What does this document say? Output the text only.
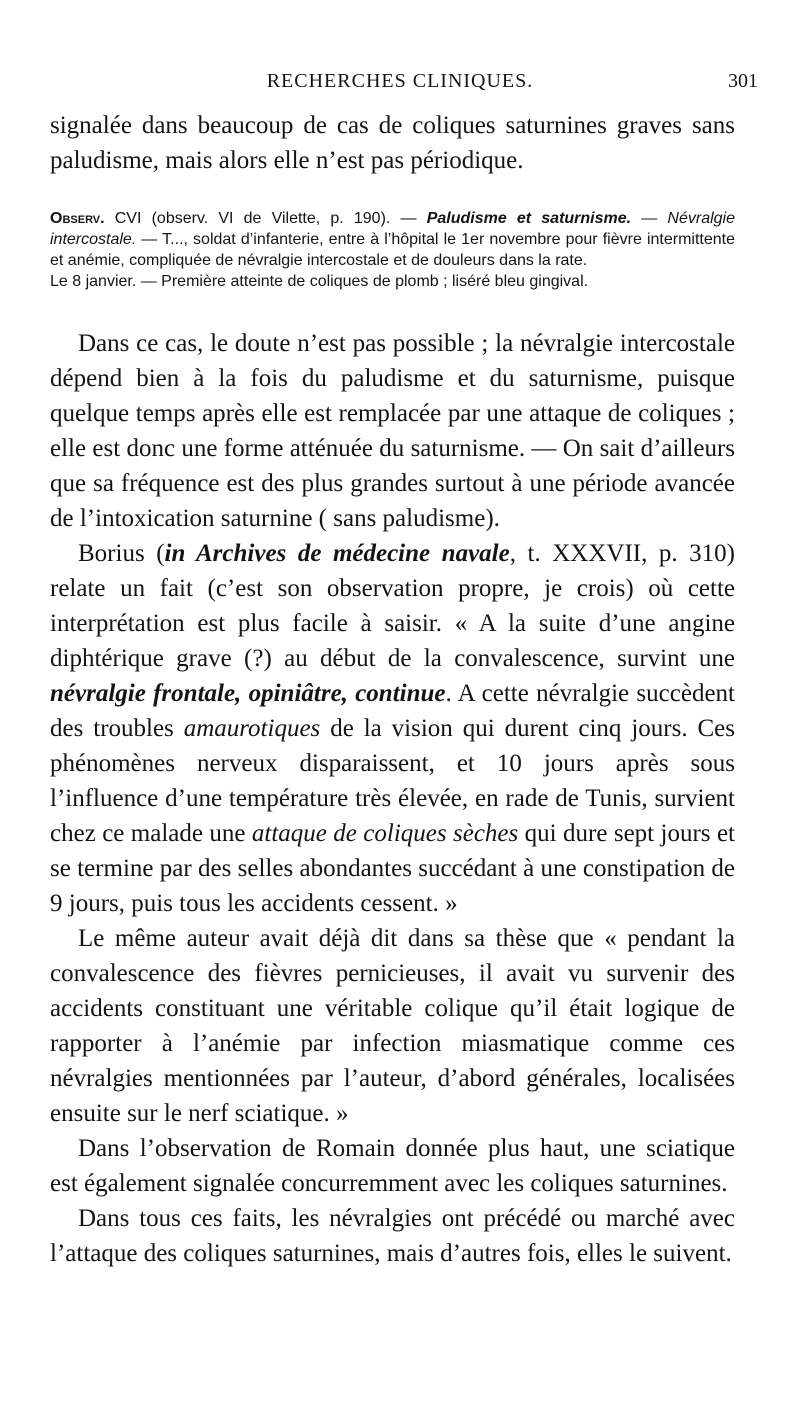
RECHERCHES CLINIQUES.	301

signalée dans beaucoup de cas de coliques saturnines graves sans paludisme, mais alors elle n’est pas périodique.

Observ. CVI (observ. VI de Vilette, p. 190). — Paludisme et saturnisme. — Névralgie intercostale. — T..., soldat d’infanterie, entre à l’hôpital le 1er novembre pour fièvre intermittente et anémie, compliquée de névralgie intercostale et de douleurs dans la rate.

Le 8 janvier. — Première atteinte de coliques de plomb ; liséré bleu gingival.

Dans ce cas, le doute n’est pas possible ; la névralgie intercostale dépend bien à la fois du paludisme et du saturnisme, puisque quelque temps après elle est remplacée par une attaque de coliques ; elle est donc une forme atténuée du saturnisme. — On sait d’ailleurs que sa fréquence est des plus grandes surtout à une période avancée de l’intoxication saturnine ( sans paludisme).

Borius (in Archives de médecine navale, t. XXXVII, p. 310) relate un fait (c’est son observation propre, je crois) où cette interprétation est plus facile à saisir. « A la suite d’une angine diphtérique grave (?) au début de la convalescence, survint une névralgie frontale, opiniâtre, continue. A cette névralgie succèdent des troubles amaurotiques de la vision qui durent cinq jours. Ces phénomènes nerveux disparaissent, et 10 jours après sous l’influence d’une température très élevée, en rade de Tunis, survient chez ce malade une attaque de coliques sèches qui dure sept jours et se termine par des selles abondantes succédant à une constipation de 9 jours, puis tous les accidents cessent. »

Le même auteur avait déjà dit dans sa thèse que « pendant la convalescence des fièvres pernicieuses, il avait vu survenir des accidents constituant une véritable colique qu’il était logique de rapporter à l’anémie par infection miasmatique comme ces névralgies mentionnées par l’auteur, d’abord générales, localisées ensuite sur le nerf sciatique. »

Dans l’observation de Romain donnée plus haut, une sciatique est également signalée concurremment avec les coliques saturnines.

Dans tous ces faits, les névralgies ont précédé ou marché avec l’attaque des coliques saturnines, mais d’autres fois, elles le suivent.
